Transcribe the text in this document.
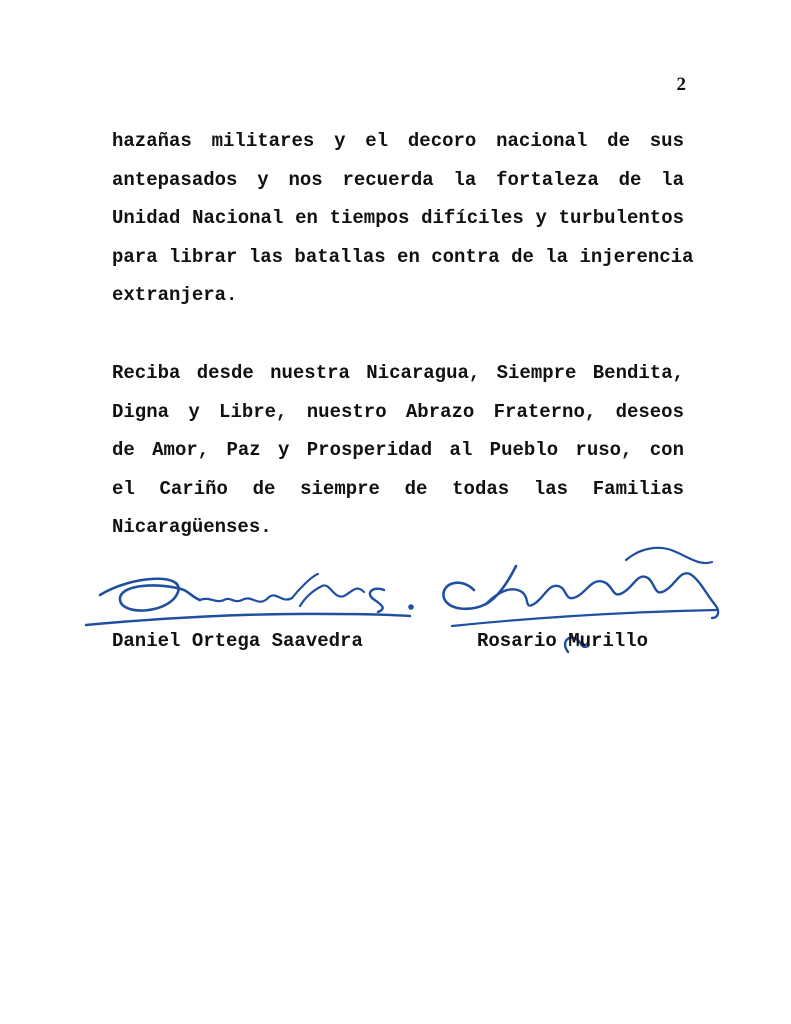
2
hazañas militares y el decoro nacional de sus
antepasados y nos recuerda la fortaleza de la
Unidad Nacional en tiempos difíciles y turbulentos
para librar las batallas en contra de la injerencia
extranjera.
Reciba desde nuestra Nicaragua, Siempre Bendita,
Digna y Libre, nuestro Abrazo Fraterno, deseos
de Amor, Paz y Prosperidad al Pueblo ruso, con
el Cariño de siempre de todas las Familias
Nicaragüenses.
Daniel Ortega Saavedra	Rosario Murillo
